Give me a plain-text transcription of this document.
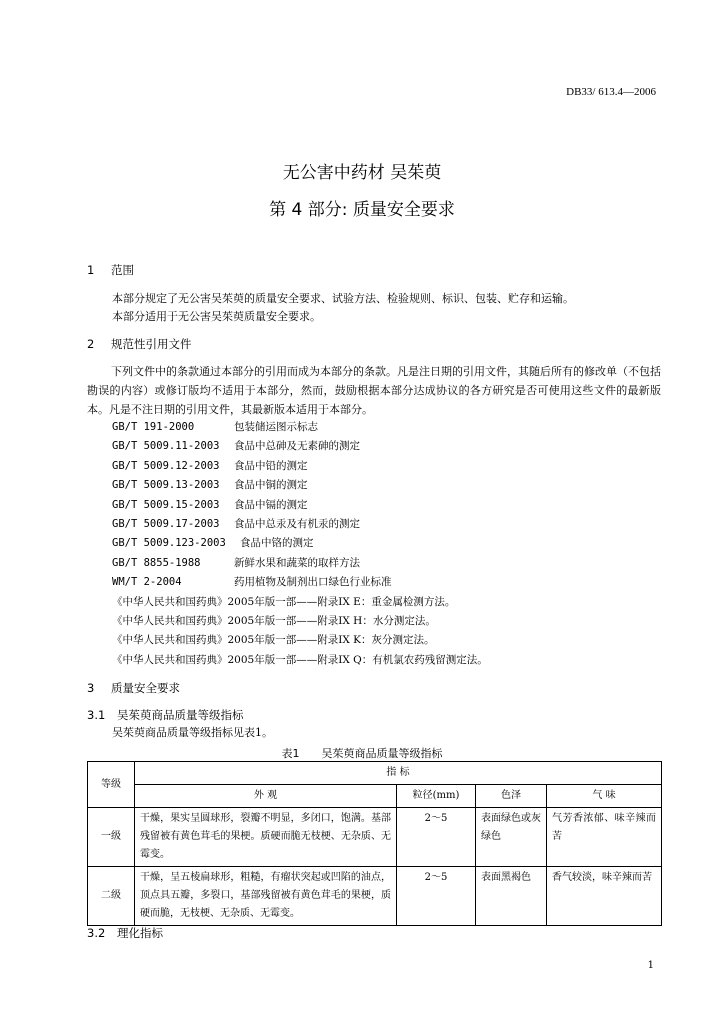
DB33/ 613.4—2006
无公害中药材 吴茱萸
第 4 部分: 质量安全要求
1 范围
本部分规定了无公害吴茱萸的质量安全要求、试验方法、检验规则、标识、包装、贮存和运输。
本部分适用于无公害吴茱萸质量安全要求。
2 规范性引用文件
下列文件中的条款通过本部分的引用而成为本部分的条款。凡是注日期的引用文件，其随后所有的修改单（不包括勘误的内容）或修订版均不适用于本部分，然而，鼓励根据本部分达成协议的各方研究是否可使用这些文件的最新版本。凡是不注日期的引用文件，其最新版本适用于本部分。
GB/T 191-2000	包装储运图示标志
GB/T 5009.11-2003 食品中总砷及无素砷的测定
GB/T 5009.12-2003 食品中铅的测定
GB/T 5009.13-2003 食品中铜的测定
GB/T 5009.15-2003 食品中镉的测定
GB/T 5009.17-2003 食品中总汞及有机汞的测定
GB/T 5009.123-2003 食品中铬的测定
GB/T 8855-1988	新鲜水果和蔬菜的取样方法
WM/T 2-2004	药用植物及制剂出口绿色行业标准
《中华人民共和国药典》2005年版一部——附录IX E：重金属检测方法。
《中华人民共和国药典》2005年版一部——附录IX H：水分测定法。
《中华人民共和国药典》2005年版一部——附录IX K：灰分测定法。
《中华人民共和国药典》2005年版一部——附录IX Q：有机氯农药残留测定法。
3 质量安全要求
3.1 吴茱萸商品质量等级指标
吴茱萸商品质量等级指标见表1。
表1 吴茱萸商品质量等级指标
等级	指 标			
	外 观	粒径(mm)	色泽	气 味
一级	干燥，果实呈圆球形，裂瓣不明显，多闭口，饱满。基部残留被有黄色茸毛的果梗。质硬而脆无枝梗、无杂质、无霉变。	2～5	表面绿色或灰绿色	气芳香浓郁、味辛辣而苦
二级	干燥，呈五棱扁球形，粗糙，有瘤状突起或凹陷的油点，顶点具五瓣，多裂口，基部残留被有黄色茸毛的果梗，质硬而脆，无枝梗、无杂质、无霉变。	2～5	表面黑褐色	香气较淡，味辛辣而苦
3.2 理化指标
1
